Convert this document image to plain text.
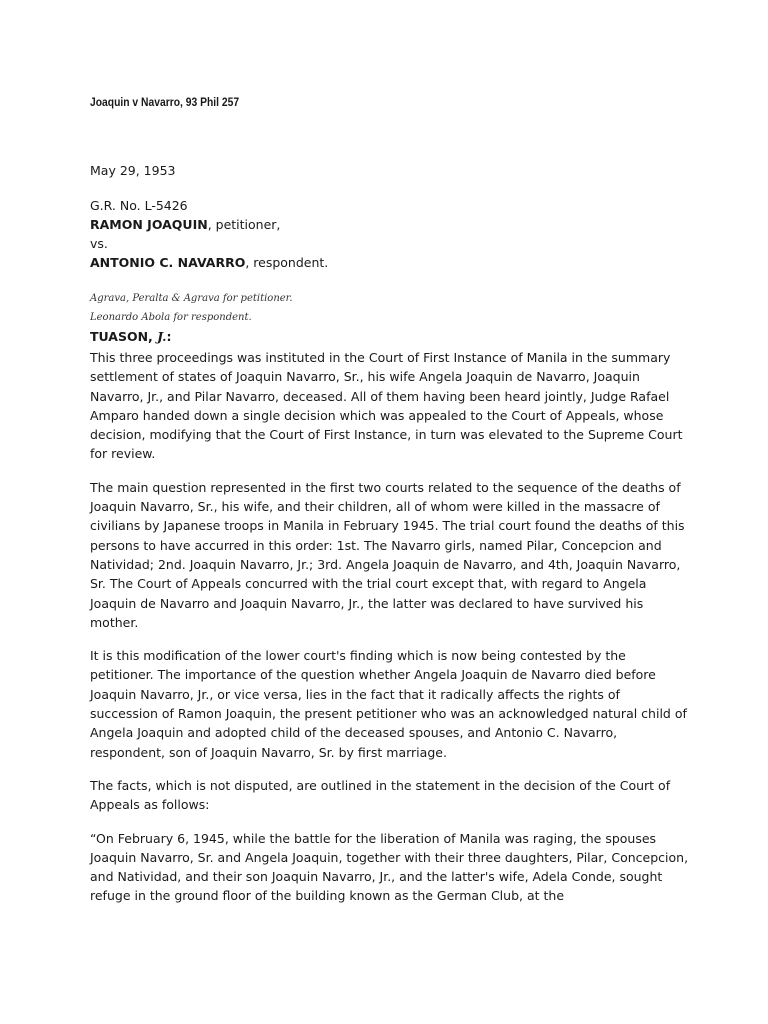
Joaquin v Navarro, 93 Phil 257
May 29, 1953
G.R. No. L-5426
RAMON JOAQUIN, petitioner,
vs.
ANTONIO C. NAVARRO, respondent.
Agrava, Peralta & Agrava for petitioner.
Leonardo Abola for respondent.
TUASON, J.:

This three proceedings was instituted in the Court of First Instance of Manila in the summary settlement of states of Joaquin Navarro, Sr., his wife Angela Joaquin de Navarro, Joaquin Navarro, Jr., and Pilar Navarro, deceased. All of them having been heard jointly, Judge Rafael Amparo handed down a single decision which was appealed to the Court of Appeals, whose decision, modifying that the Court of First Instance, in turn was elevated to the Supreme Court for review.

The main question represented in the first two courts related to the sequence of the deaths of Joaquin Navarro, Sr., his wife, and their children, all of whom were killed in the massacre of civilians by Japanese troops in Manila in February 1945. The trial court found the deaths of this persons to have accurred in this order: 1st. The Navarro girls, named Pilar, Concepcion and Natividad; 2nd. Joaquin Navarro, Jr.; 3rd. Angela Joaquin de Navarro, and 4th, Joaquin Navarro, Sr. The Court of Appeals concurred with the trial court except that, with regard to Angela Joaquin de Navarro and Joaquin Navarro, Jr., the latter was declared to have survived his mother.

It is this modification of the lower court's finding which is now being contested by the petitioner. The importance of the question whether Angela Joaquin de Navarro died before Joaquin Navarro, Jr., or vice versa, lies in the fact that it radically affects the rights of succession of Ramon Joaquin, the present petitioner who was an acknowledged natural child of Angela Joaquin and adopted child of the deceased spouses, and Antonio C. Navarro, respondent, son of Joaquin Navarro, Sr. by first marriage.

The facts, which is not disputed, are outlined in the statement in the decision of the Court of Appeals as follows:

“On February 6, 1945, while the battle for the liberation of Manila was raging, the spouses Joaquin Navarro, Sr. and Angela Joaquin, together with their three daughters, Pilar, Concepcion, and Natividad, and their son Joaquin Navarro, Jr., and the latter's wife, Adela Conde, sought refuge in the ground floor of the building known as the German Club, at the
